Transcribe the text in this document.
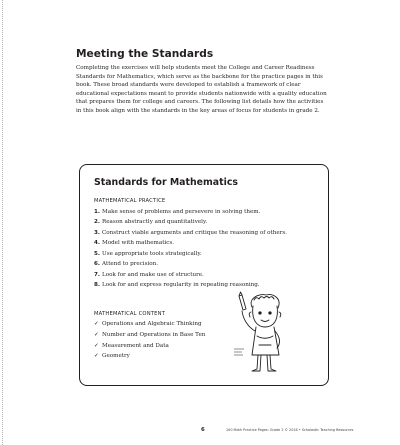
Meeting the Standards

Completing the exercises will help students meet the College and Career Readiness Standards for Mathematics, which serve as the backbone for the practice pages in this book. These broad standards were developed to establish a framework of clear educational expectations meant to provide students nationwide with a quality education that prepares them for college and careers. The following list details how the activities in this book align with the standards in the key areas of focus for students in grade 2.

Standards for Mathematics

MATHEMATICAL PRACTICE

1. Make sense of problems and persevere in solving them.
2. Reason abstractly and quantitatively.
3. Construct viable arguments and critique the reasoning of others.
4. Model with mathematics.
5. Use appropriate tools strategically.
6. Attend to precision.
7. Look for and make use of structure.
8. Look for and express regularity in repeating reasoning.

MATHEMATICAL CONTENT

✓ Operations and Algebraic Thinking
✓ Number and Operations in Base Ten
✓ Measurement and Data
✓ Geometry
6	100 Math Practice Pages: Grade 2 © 2016 • Scholastic Teaching Resources
